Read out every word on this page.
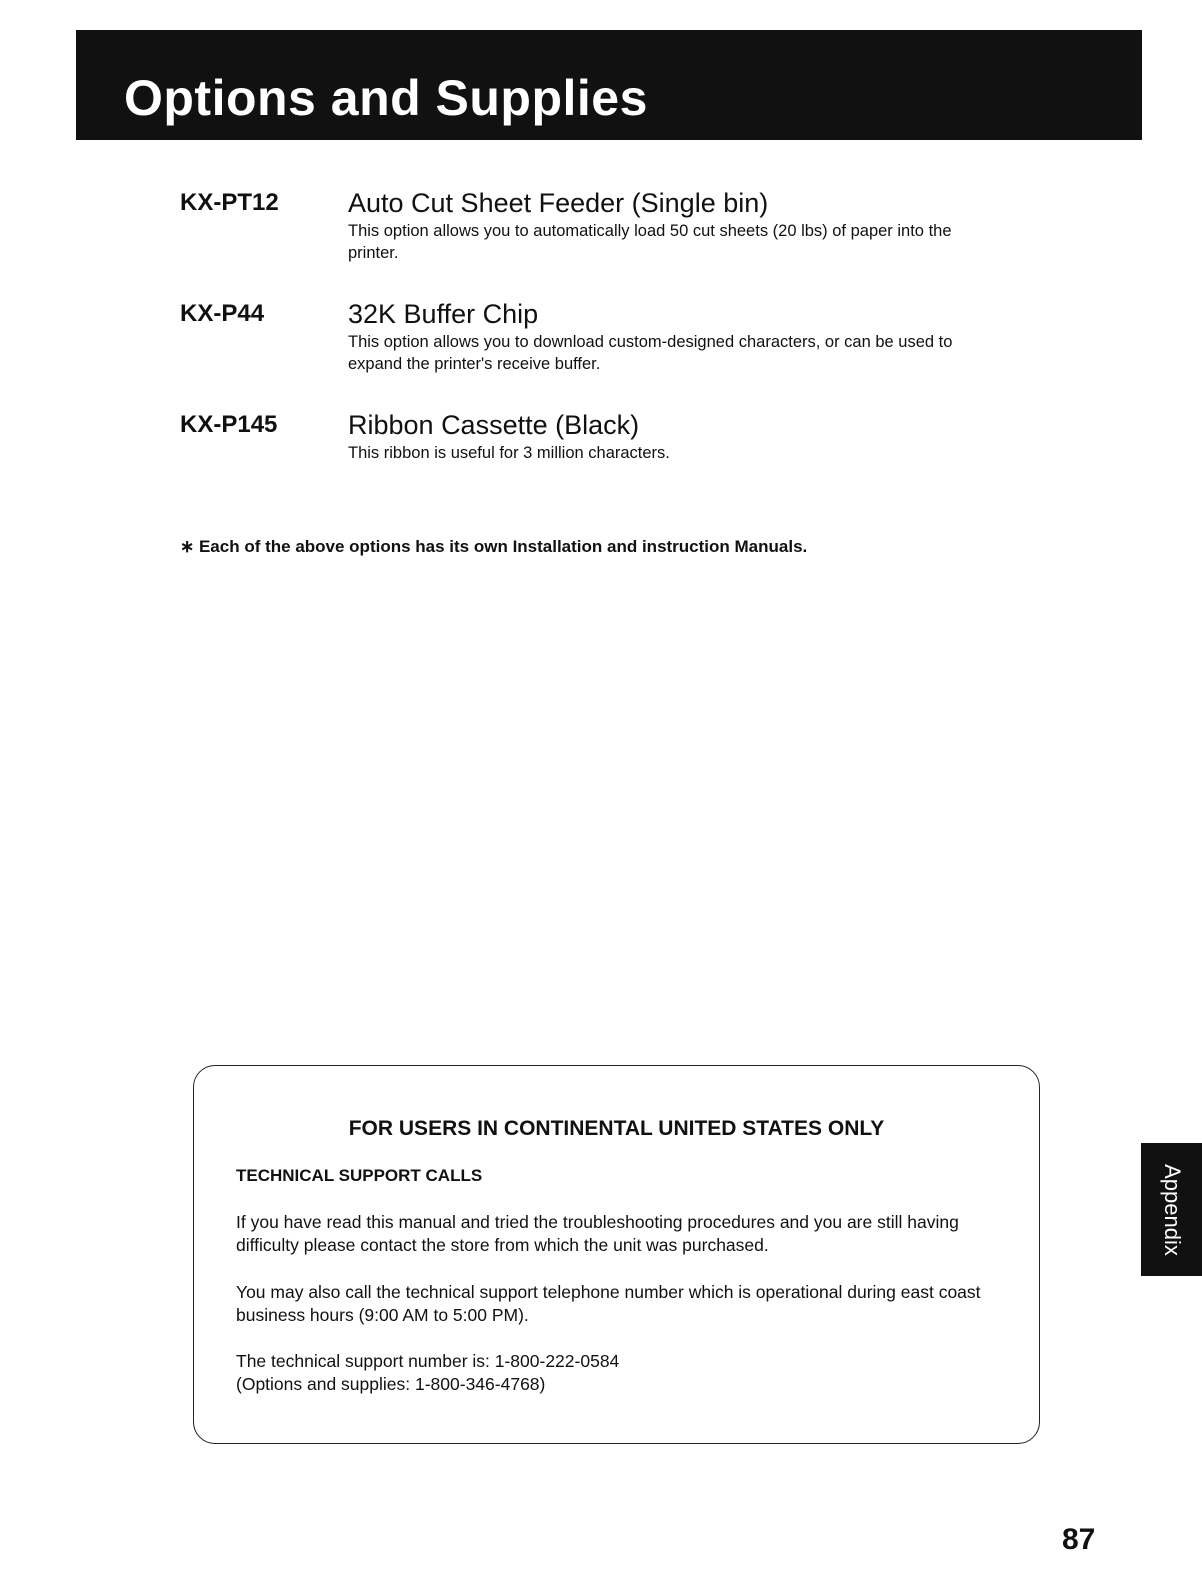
Options and Supplies
KX-PT12	Auto Cut Sheet Feeder (Single bin)
This option allows you to automatically load 50 cut sheets (20 lbs) of paper into the printer.
KX-P44	32K Buffer Chip
This option allows you to download custom-designed characters, or can be used to expand the printer's receive buffer.
KX-P145	Ribbon Cassette (Black)
This ribbon is useful for 3 million characters.
∗ Each of the above options has its own Installation and instruction Manuals.
FOR USERS IN CONTINENTAL UNITED STATES ONLY
TECHNICAL SUPPORT CALLS

If you have read this manual and tried the troubleshooting procedures and you are still having difficulty please contact the store from which the unit was purchased.

You may also call the technical support telephone number which is operational during east coast business hours (9:00 AM to 5:00 PM).

The technical support number is: 1-800-222-0584
(Options and supplies: 1-800-346-4768)
Appendix
87
